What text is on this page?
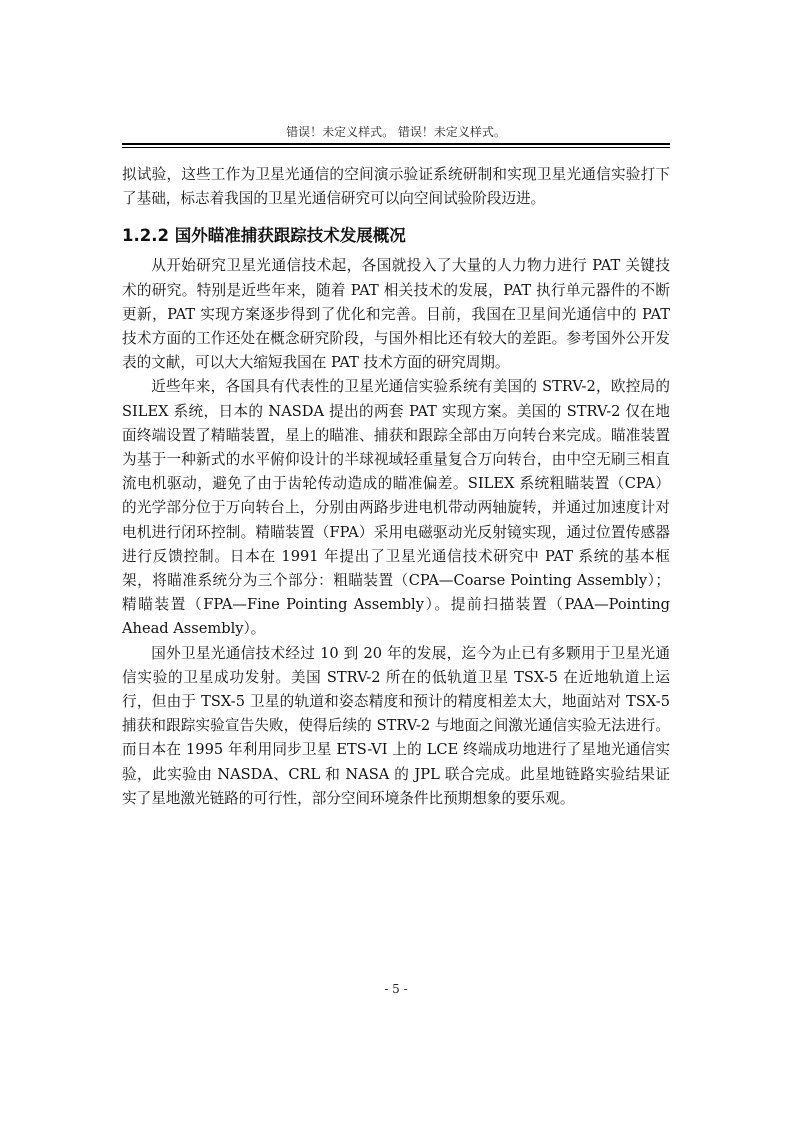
错误！未定义样式。 错误！未定义样式。

拟试验，这些工作为卫星光通信的空间演示验证系统研制和实现卫星光通信实验打下了基础，标志着我国的卫星光通信研究可以向空间试验阶段迈进。

1.2.2 国外瞄准捕获跟踪技术发展概况

从开始研究卫星光通信技术起，各国就投入了大量的人力物力进行 PAT 关键技术的研究。特别是近些年来，随着 PAT 相关技术的发展，PAT 执行单元器件的不断更新，PAT 实现方案逐步得到了优化和完善。目前，我国在卫星间光通信中的 PAT 技术方面的工作还处在概念研究阶段，与国外相比还有较大的差距。参考国外公开发表的文献，可以大大缩短我国在 PAT 技术方面的研究周期。

近些年来，各国具有代表性的卫星光通信实验系统有美国的 STRV-2，欧控局的 SILEX 系统，日本的 NASDA 提出的两套 PAT 实现方案。美国的 STRV-2 仅在地面终端设置了精瞄装置，星上的瞄准、捕获和跟踪全部由万向转台来完成。瞄准装置为基于一种新式的水平俯仰设计的半球视域轻重量复合万向转台，由中空无刷三相直流电机驱动，避免了由于齿轮传动造成的瞄准偏差。SILEX 系统粗瞄装置（CPA）的光学部分位于万向转台上，分别由两路步进电机带动两轴旋转，并通过加速度计对电机进行闭环控制。精瞄装置（FPA）采用电磁驱动光反射镜实现，通过位置传感器进行反馈控制。日本在 1991 年提出了卫星光通信技术研究中 PAT 系统的基本框架，将瞄准系统分为三个部分：粗瞄装置（CPA—Coarse Pointing Assembly）；精瞄装置（FPA—Fine Pointing Assembly）。提前扫描装置（PAA—Pointing Ahead Assembly）。

国外卫星光通信技术经过 10 到 20 年的发展，迄今为止已有多颗用于卫星光通信实验的卫星成功发射。美国 STRV-2 所在的低轨道卫星 TSX-5 在近地轨道上运行，但由于 TSX-5 卫星的轨道和姿态精度和预计的精度相差太大，地面站对 TSX-5 捕获和跟踪实验宣告失败，使得后续的 STRV-2 与地面之间激光通信实验无法进行。而日本在 1995 年利用同步卫星 ETS-VI 上的 LCE 终端成功地进行了星地光通信实验，此实验由 NASDA、CRL 和 NASA 的 JPL 联合完成。此星地链路实验结果证实了星地激光链路的可行性，部分空间环境条件比预期想象的要乐观。

- 5 -
